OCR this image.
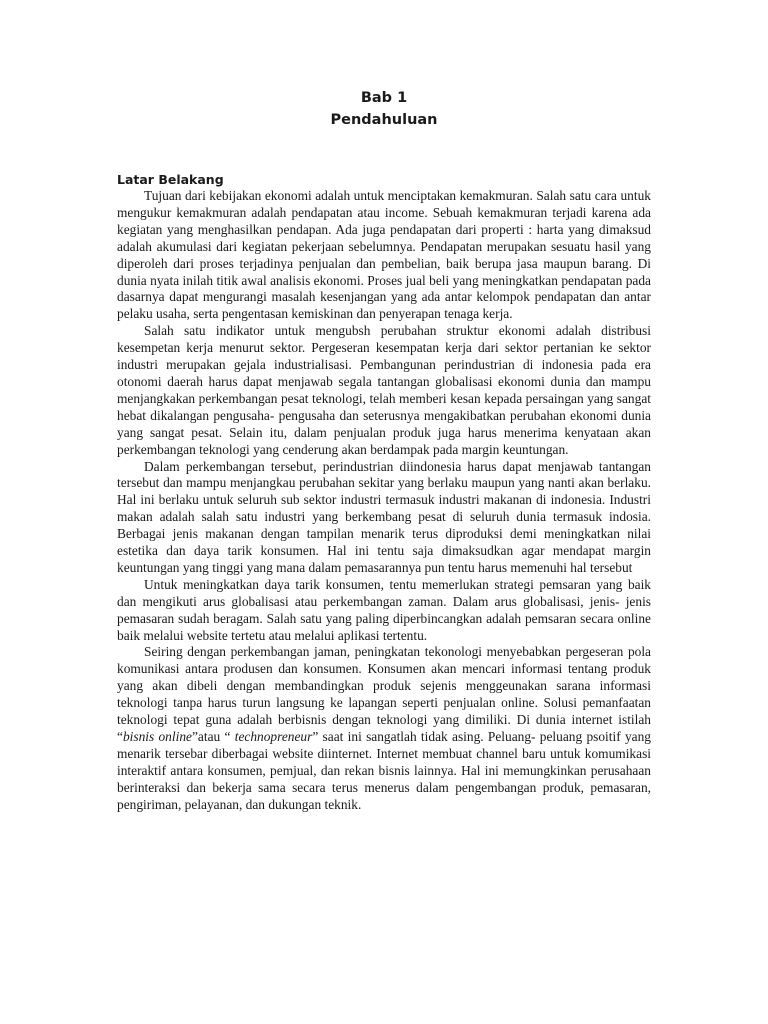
Bab 1
Pendahuluan
Latar Belakang

Tujuan dari kebijakan ekonomi adalah untuk menciptakan kemakmuran. Salah satu cara untuk mengukur kemakmuran adalah pendapatan atau income. Sebuah kemakmuran terjadi karena ada kegiatan yang menghasilkan pendapan. Ada juga pendapatan dari properti : harta yang dimaksud adalah akumulasi dari kegiatan pekerjaan sebelumnya. Pendapatan merupakan sesuatu hasil yang diperoleh dari proses terjadinya penjualan dan pembelian, baik berupa jasa maupun barang. Di dunia nyata inilah titik awal analisis ekonomi. Proses jual beli yang meningkatkan pendapatan pada dasarnya dapat mengurangi masalah kesenjangan yang ada antar kelompok pendapatan dan antar pelaku usaha, serta pengentasan kemiskinan dan penyerapan tenaga kerja.

Salah satu indikator untuk mengubsh perubahan struktur ekonomi adalah distribusi kesempetan kerja menurut sektor. Pergeseran kesempatan kerja dari sektor pertanian ke sektor industri merupakan gejala industrialisasi. Pembangunan perindustrian di indonesia pada era otonomi daerah harus dapat menjawab segala tantangan globalisasi ekonomi dunia dan mampu menjangkakan perkembangan pesat teknologi, telah memberi kesan kepada persaingan yang sangat hebat dikalangan pengusaha- pengusaha dan seterusnya mengakibatkan perubahan ekonomi dunia yang sangat pesat. Selain itu, dalam penjualan produk juga harus menerima kenyataan akan perkembangan teknologi yang cenderung akan berdampak pada margin keuntungan.

Dalam perkembangan tersebut, perindustrian diindonesia harus dapat menjawab tantangan tersebut dan mampu menjangkau perubahan sekitar yang berlaku maupun yang nanti akan berlaku. Hal ini berlaku untuk seluruh sub sektor industri termasuk industri makanan di indonesia. Industri makan adalah salah satu industri yang berkembang pesat di seluruh dunia termasuk indosia. Berbagai jenis makanan dengan tampilan menarik terus diproduksi demi meningkatkan nilai estetika dan daya tarik konsumen. Hal ini tentu saja dimaksudkan agar mendapat margin keuntungan yang tinggi yang mana dalam pemasarannya pun tentu harus memenuhi hal tersebut

Untuk meningkatkan daya tarik konsumen, tentu memerlukan strategi pemsaran yang baik dan mengikuti arus globalisasi atau perkembangan zaman. Dalam arus globalisasi, jenis- jenis pemasaran sudah beragam. Salah satu yang paling diperbincangkan adalah pemsaran secara online baik melalui website tertetu atau melalui aplikasi tertentu.

Seiring dengan perkembangan jaman, peningkatan tekonologi menyebabkan pergeseran pola komunikasi antara produsen dan konsumen. Konsumen akan mencari informasi tentang produk yang akan dibeli dengan membandingkan produk sejenis menggeunakan sarana informasi teknologi tanpa harus turun langsung ke lapangan seperti penjualan online. Solusi pemanfaatan teknologi tepat guna adalah berbisnis dengan teknologi yang dimiliki. Di dunia internet istilah “bisnis online”atau “ technopreneur” saat ini sangatlah tidak asing. Peluang- peluang psoitif yang menarik tersebar diberbagai website diinternet. Internet membuat channel baru untuk komumikasi interaktif antara konsumen, pemjual, dan rekan bisnis lainnya. Hal ini memungkinkan perusahaan berinteraksi dan bekerja sama secara terus menerus dalam pengembangan produk, pemasaran, pengiriman, pelayanan, dan dukungan teknik.
